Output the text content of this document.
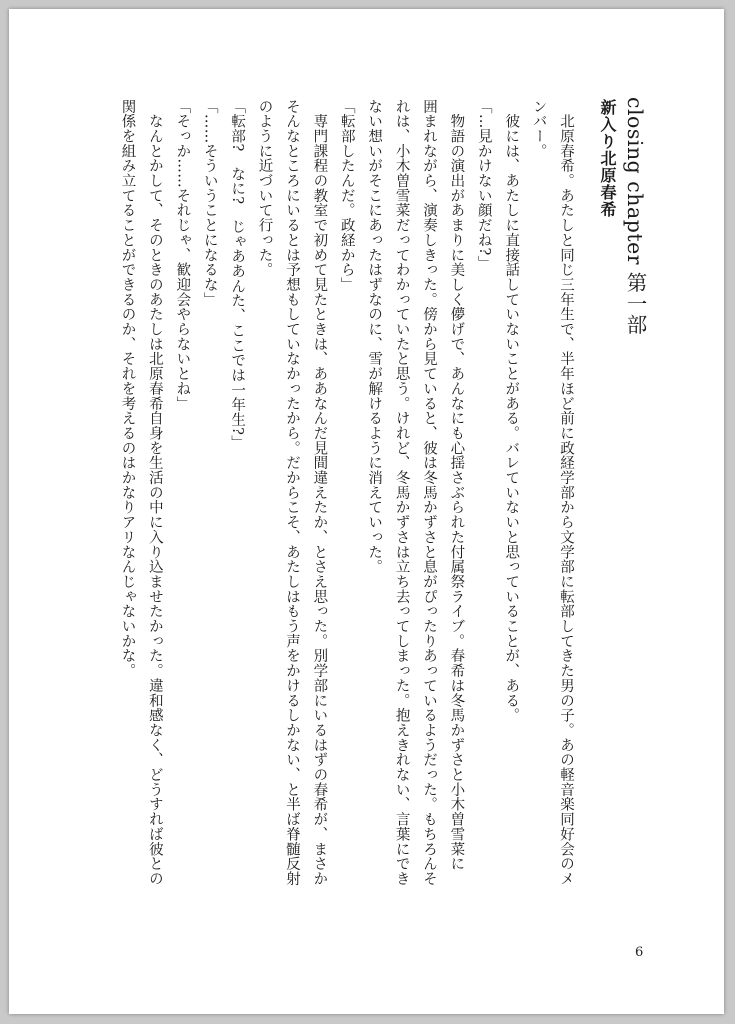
closing chapter 第一部
新入り北原春希

　北原春希。あたしと同じ三年生で、半年ほど前に政経学部から文学部に転部してきた男の子。あの軽音楽同好会のメ

ンバー。

　彼には、あたしに直接話していないことがある。バレていないと思っていることが、ある。

「…見かけない顔だね?」

　物語の演出があまりに美しく儚げで、あんなにも心揺さぶられた付属祭ライブ。春希は冬馬かずさと小木曽雪菜に

囲まれながら、演奏しきった。傍から見ていると、彼は冬馬かずさと息がぴったりあっているようだった。もちろんそ

れは、小木曽雪菜だってわかっていたと思う。けれど、冬馬かずさは立ち去ってしまった。抱えきれない、言葉にでき

ない想いがそこにあったはずなのに、雪が解けるように消えていった。

「転部したんだ。政経から」

　専門課程の教室で初めて見たときは、ああなんだ見間違えたか、とさえ思った。別学部にいるはずの春希が、まさか

そんなところにいるとは予想もしていなかったから。だからこそ、あたしはもう声をかけるしかない、と半ば脊髄反射

のように近づいて行った。

「転部?　なに?　じゃああんた、ここでは一年生?」

「……そういうことになるな」

「そっか……それじゃ、歓迎会やらないとね」

　なんとかして、そのときのあたしは北原春希自身を生活の中に入り込ませたかった。違和感なく、どうすれば彼との

関係を組み立てることができるのか、それを考えるのはかなりアリなんじゃないかな。

6
